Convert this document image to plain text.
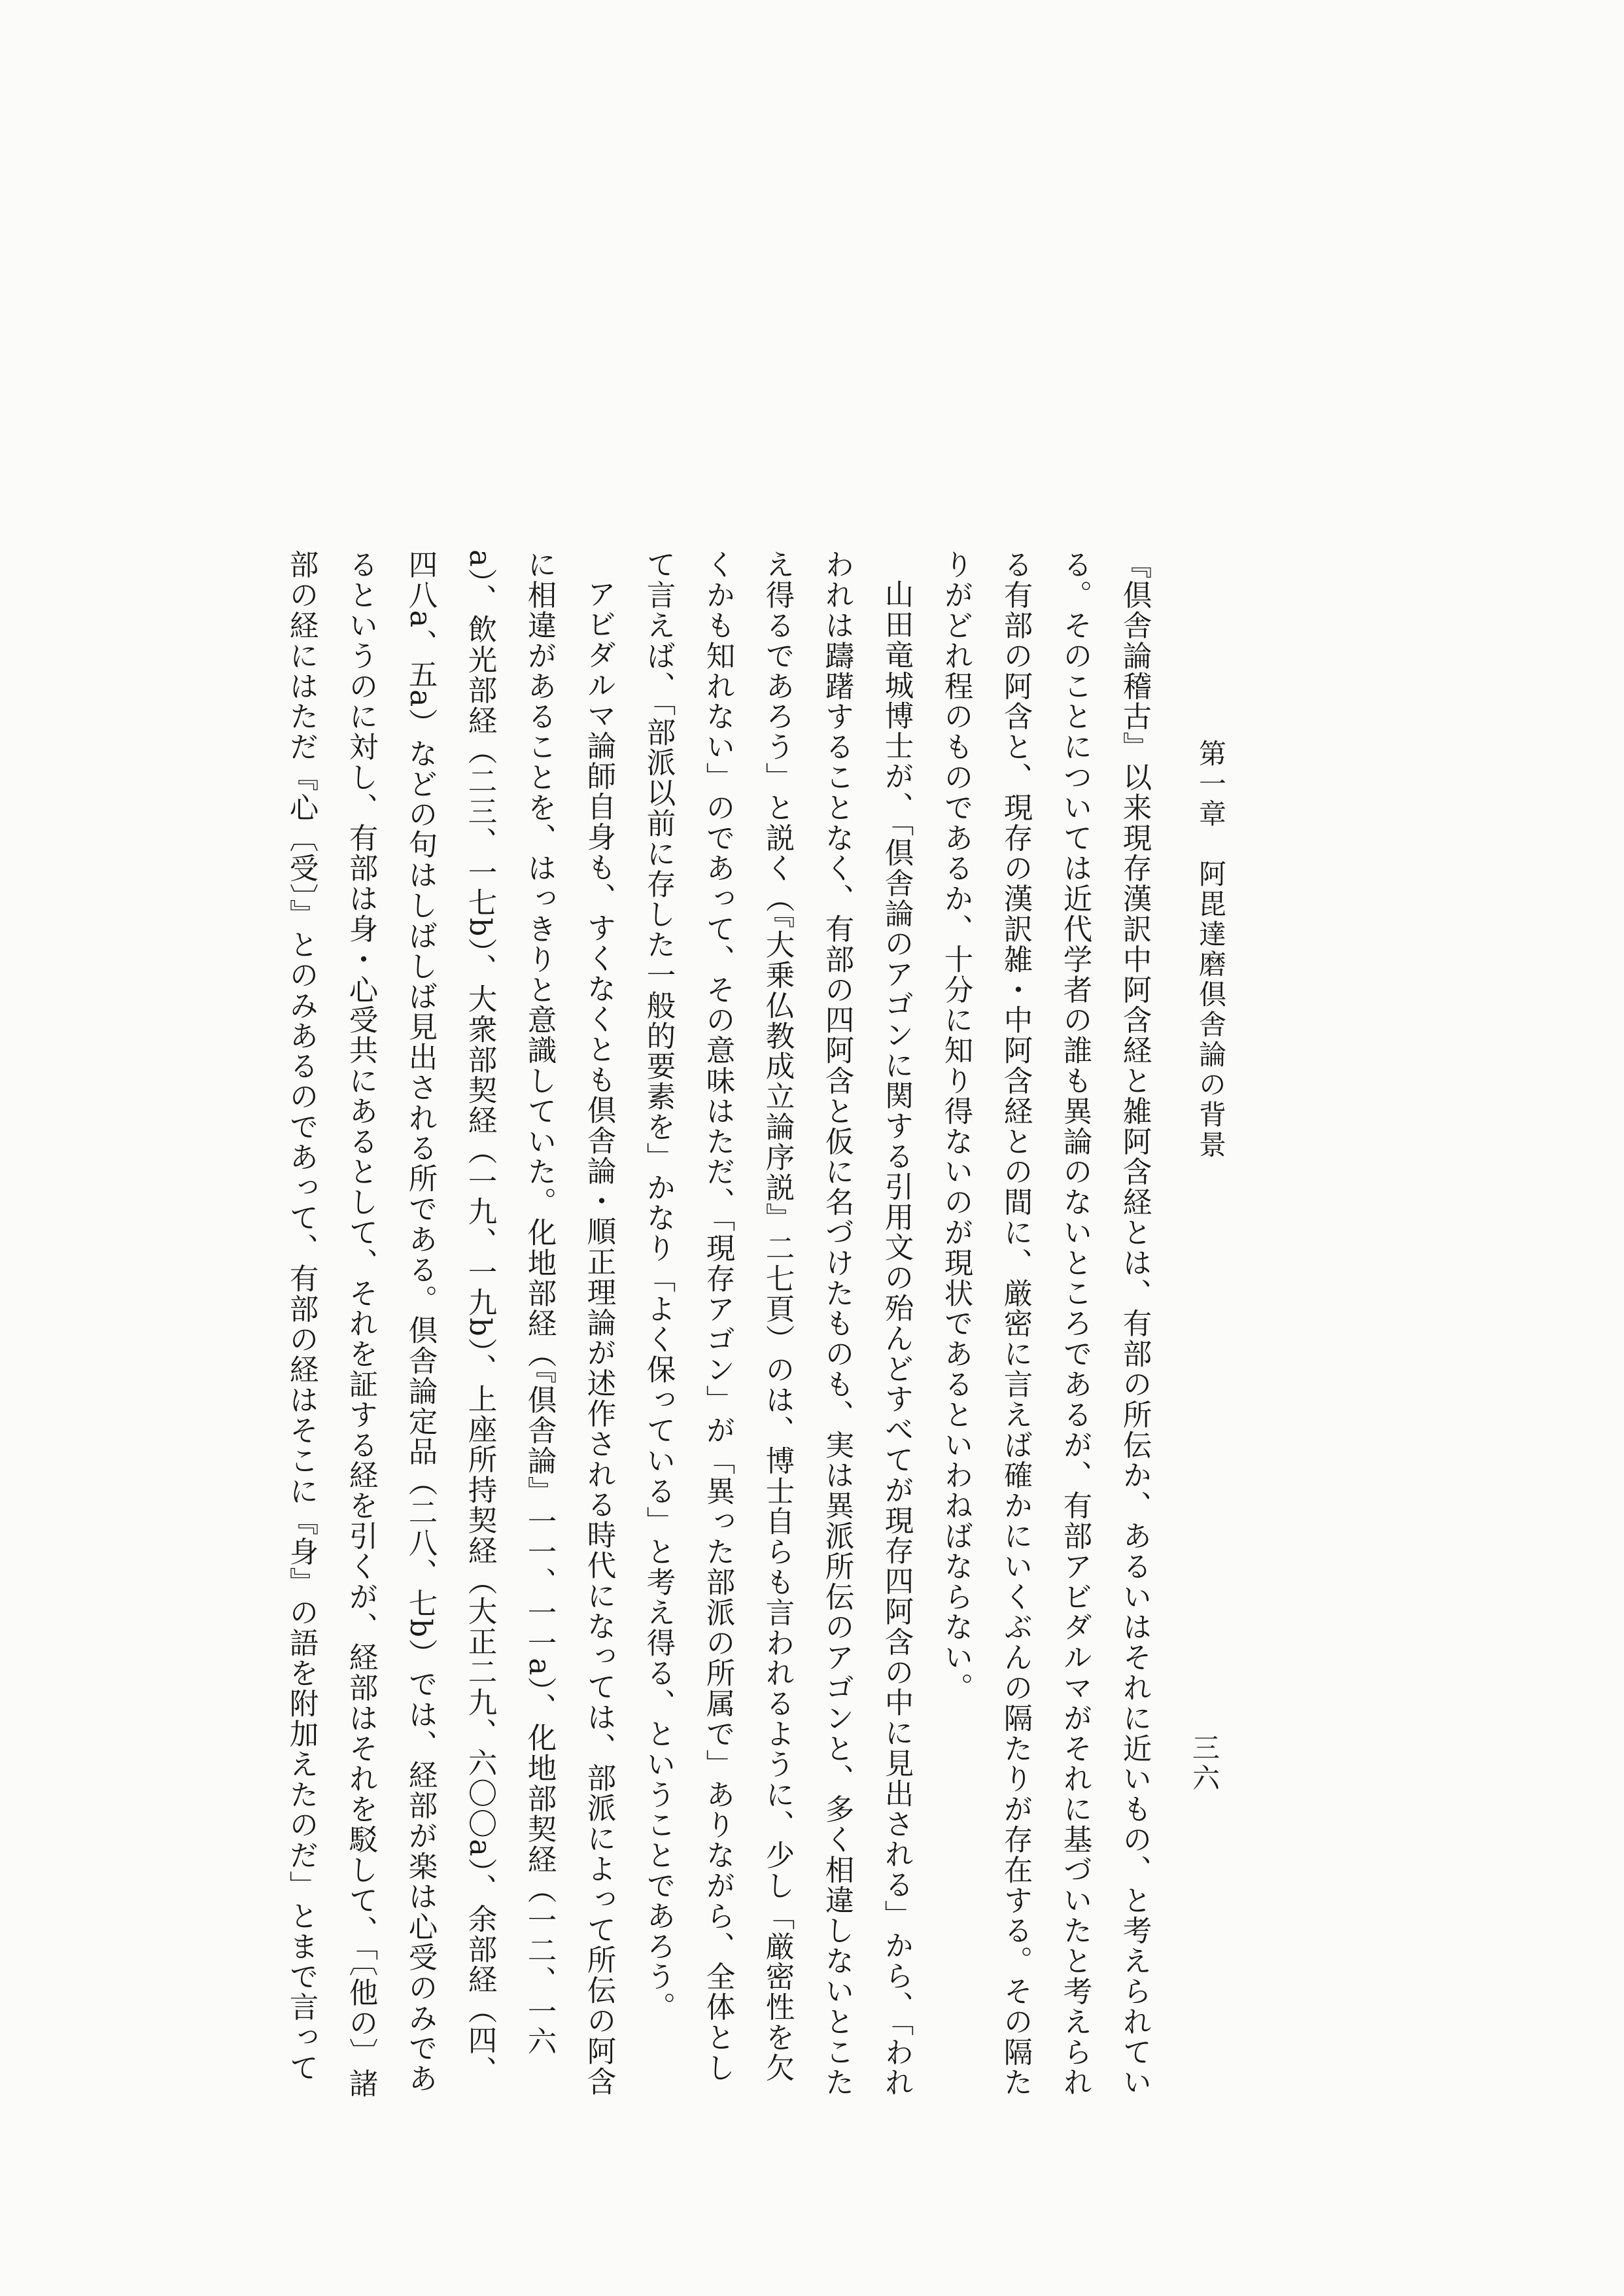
第一章　阿毘達磨倶舎論の背景
三六

『倶舎論稽古』以来現存漢訳中阿含経と雑阿含経とは、有部の所伝か、あるいはそれに近いもの、と考えられている。そのことについては近代学者の誰も異論のないところであるが、有部アビダルマがそれに基づいたと考えられる有部の阿含と、現存の漢訳雑・中阿含経との間に、厳密に言えば確かにいくぶんの隔たりが存在する。その隔たりがどれ程のものであるか、十分に知り得ないのが現状であるといわねばならない。

山田竜城博士が、「倶舎論のアゴンに関する引用文の殆んどすべてが現存四阿含の中に見出される」から、「われわれは躊躇することなく、有部の四阿含と仮に名づけたものも、実は異派所伝のアゴンと、多く相違しないとこたえ得るであろう」と説く（『大乗仏教成立論序説』二七頁）のは、博士自らも言われるように、少し「厳密性を欠くかも知れない」のであって、その意味はただ、「現存アゴン」が「異った部派の所属で」ありながら、全体として言えば、「部派以前に存した一般的要素を」かなり「よく保っている」と考え得る、ということであろう。

アビダルマ論師自身も、すくなくとも倶舎論・順正理論が述作される時代になっては、部派によって所伝の阿含に相違があることを、はっきりと意識していた。化地部経（『倶舎論』一一、一一a）、化地部契経（一二、一六a）、飲光部経（二三、一七b）、大衆部契経（一九、一九b）、上座所持契経（大正二九、六〇〇a）、余部経（四、四八a、五a）などの句はしばしば見出される所である。倶舎論定品（二八、七b）では、経部が楽は心受のみであるというのに対し、有部は身・心受共にあるとして、それを証する経を引くが、経部はそれを駁して、「〔他の〕諸部の経にはただ『心〔受〕』とのみあるのであって、有部の経はそこに『身』の語を附加えたのだ」とまで言って
